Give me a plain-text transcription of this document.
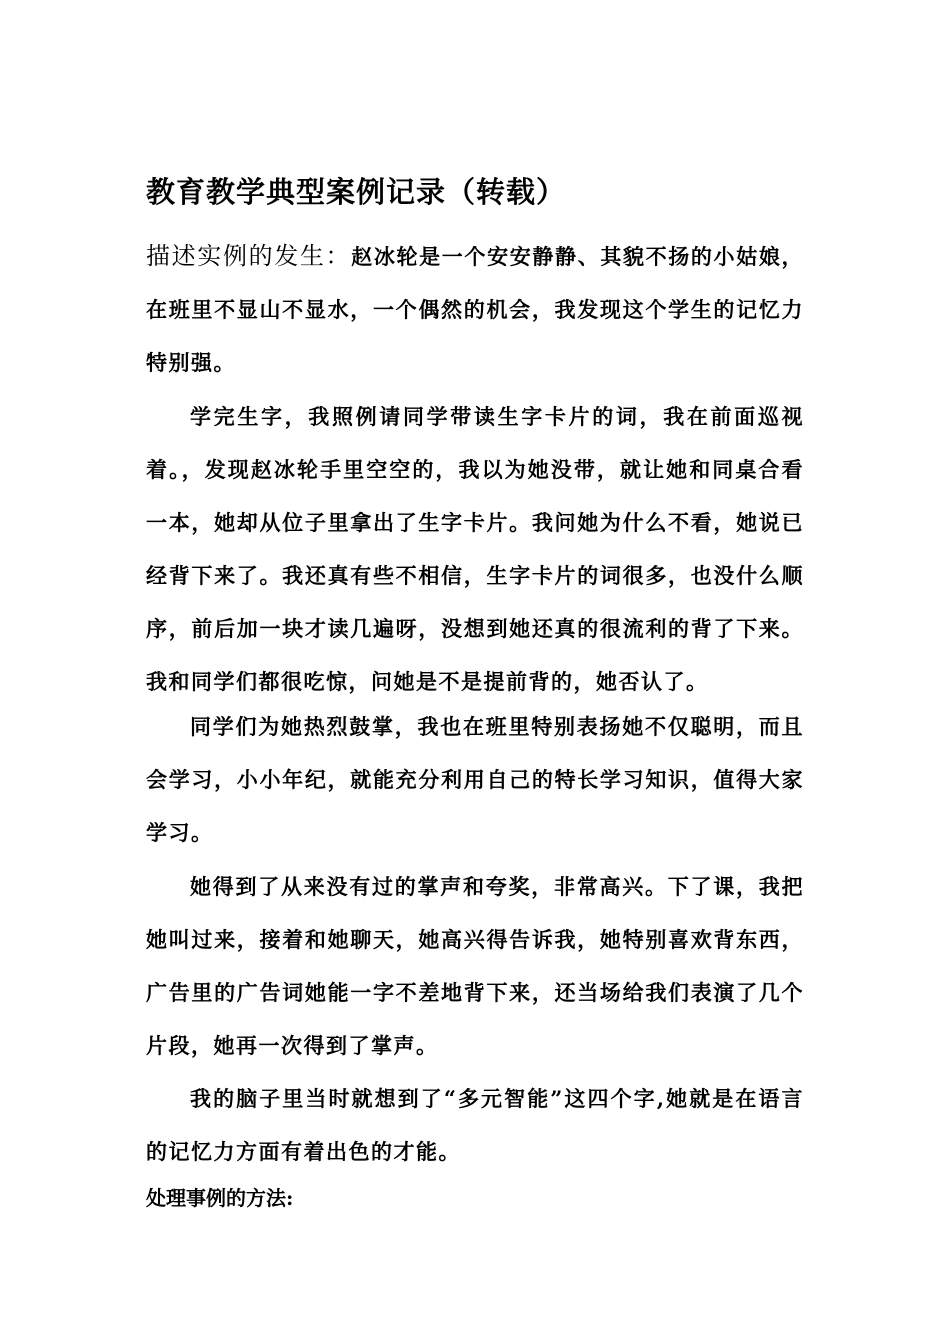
教育教学典型案例记录（转载）
描述实例的发生：赵冰轮是一个安安静静、其貌不扬的小姑娘，在班里不显山不显水，一个偶然的机会，我发现这个学生的记忆力特别强。
学完生字，我照例请同学带读生字卡片的词，我在前面巡视着。，发现赵冰轮手里空空的，我以为她没带，就让她和同桌合看一本，她却从位子里拿出了生字卡片。我问她为什么不看，她说已经背下来了。我还真有些不相信，生字卡片的词很多，也没什么顺序，前后加一块才读几遍呀，没想到她还真的很流利的背了下来。我和同学们都很吃惊，问她是不是提前背的，她否认了。
同学们为她热烈鼓掌，我也在班里特别表扬她不仅聪明，而且会学习，小小年纪，就能充分利用自己的特长学习知识，值得大家学习。
她得到了从来没有过的掌声和夸奖，非常高兴。下了课，我把她叫过来，接着和她聊天，她高兴得告诉我，她特别喜欢背东西，广告里的广告词她能一字不差地背下来，还当场给我们表演了几个片段，她再一次得到了掌声。
我的脑子里当时就想到了“多元智能”这四个字,她就是在语言的记忆力方面有着出色的才能。
处理事例的方法:
